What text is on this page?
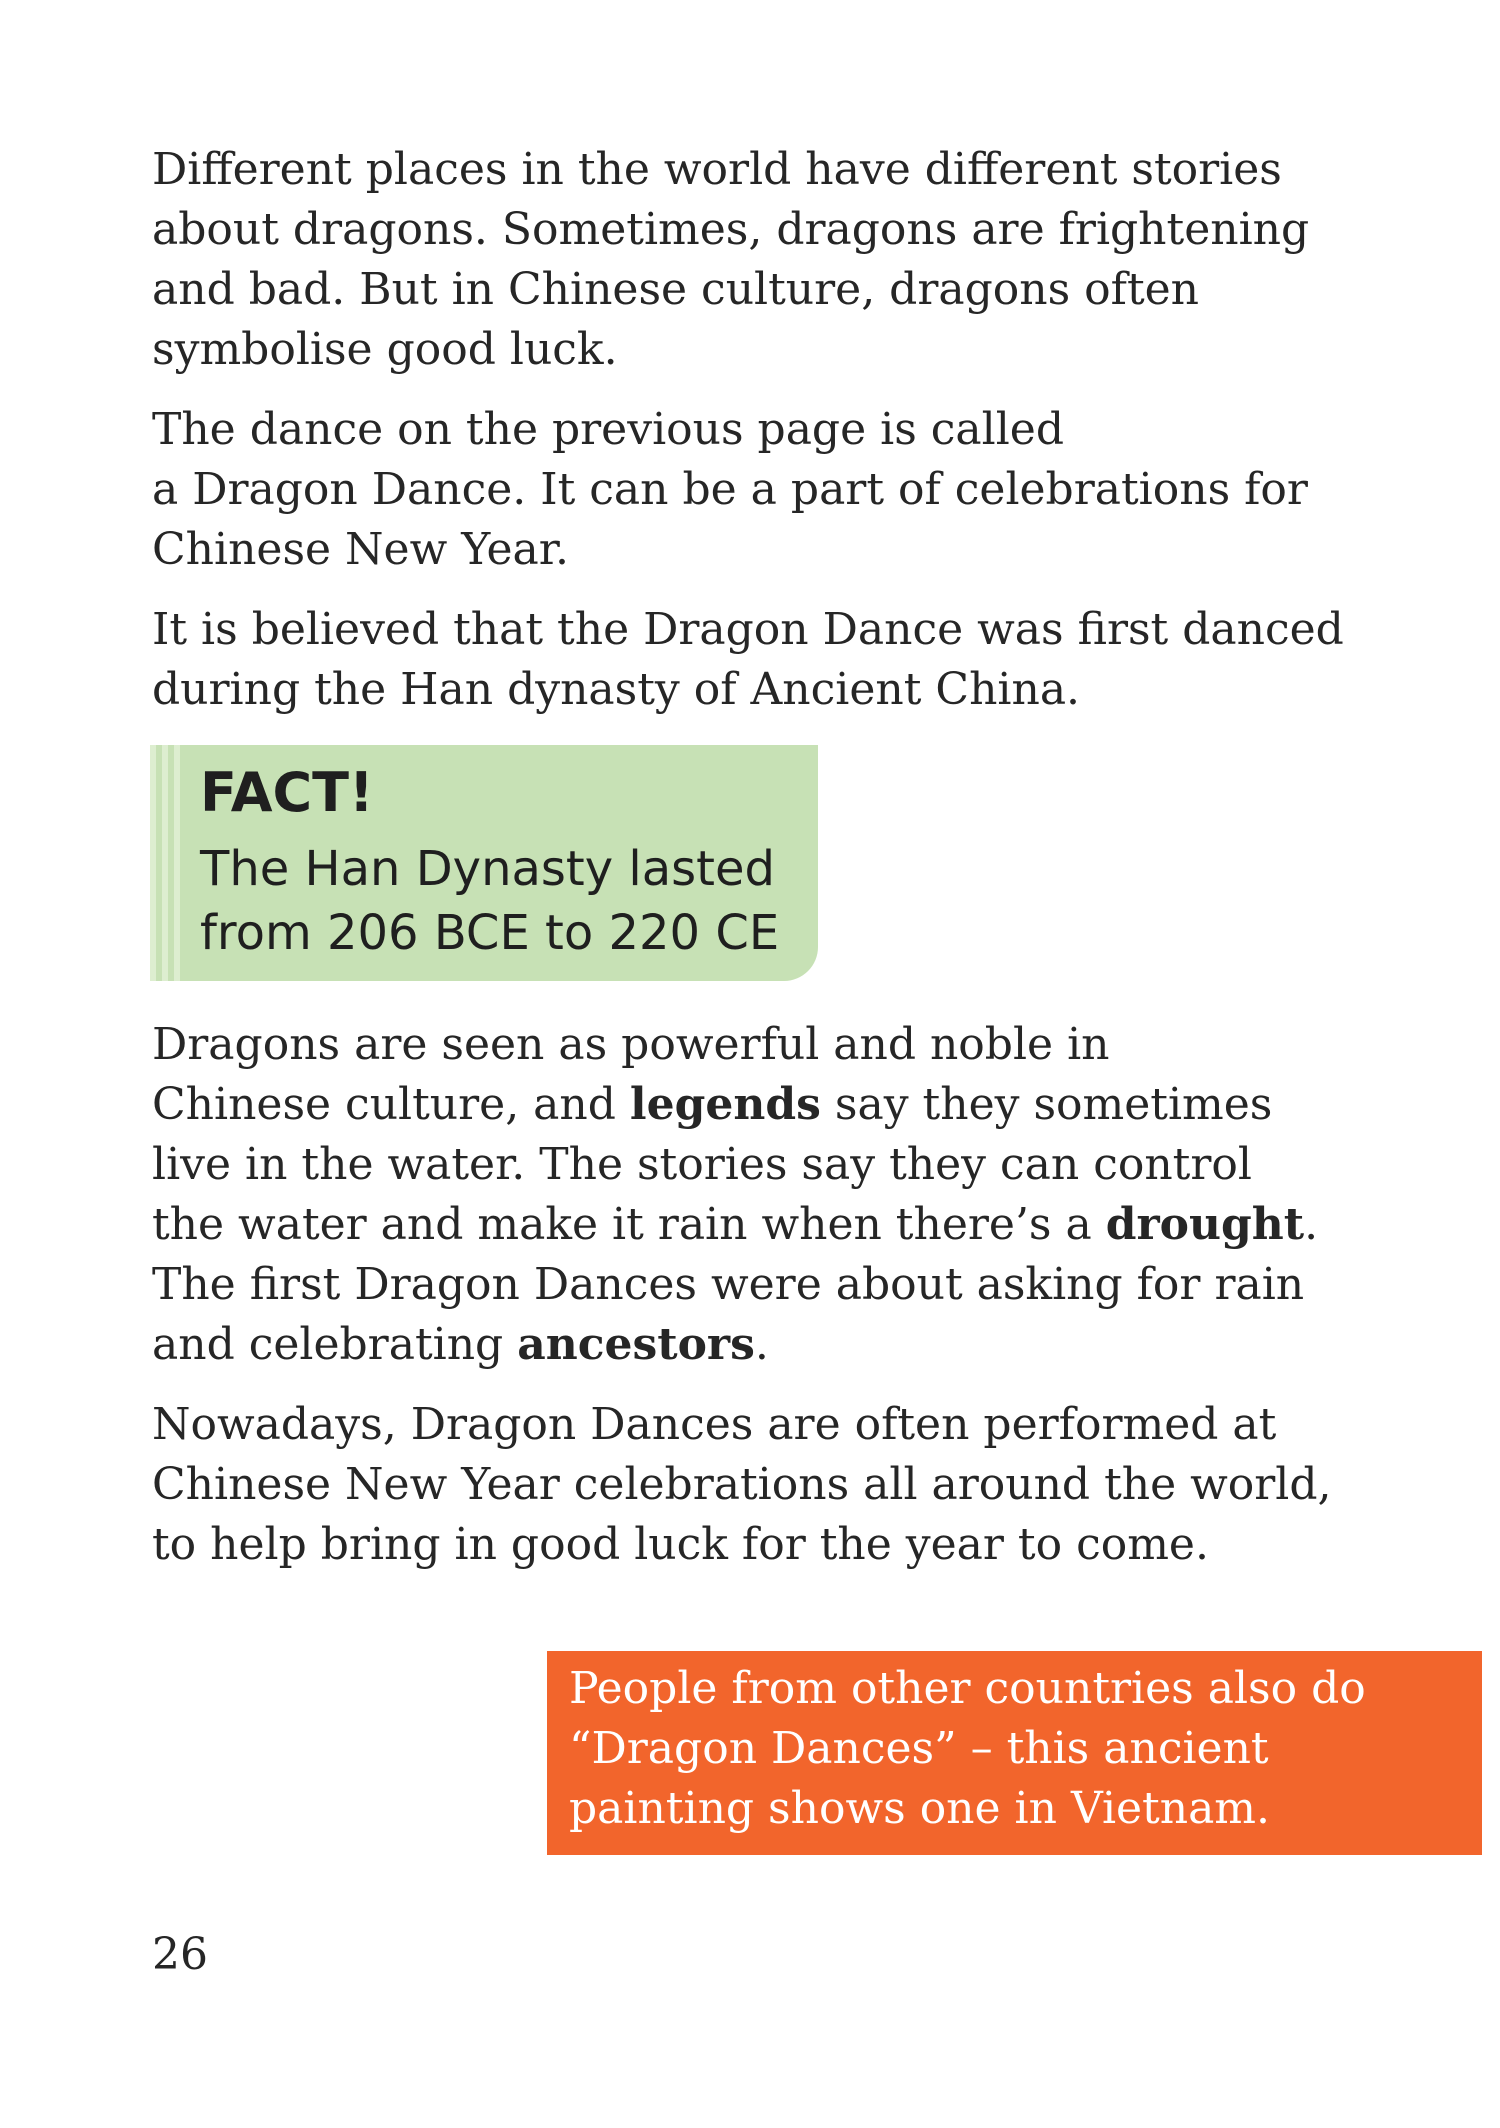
Different places in the world have different stories
about dragons. Sometimes, dragons are frightening
and bad. But in Chinese culture, dragons often
symbolise good luck.
The dance on the previous page is called
a Dragon Dance. It can be a part of celebrations for
Chinese New Year.
It is believed that the Dragon Dance was first danced
during the Han dynasty of Ancient China.

FACT!

The Han Dynasty lasted
from 206 BCE to 220 CE

Dragons are seen as powerful and noble in
Chinese culture, and legends say they sometimes
live in the water. The stories say they can control
the water and make it rain when there’s a drought.
The first Dragon Dances were about asking for rain
and celebrating ancestors.
Nowadays, Dragon Dances are often performed at
Chinese New Year celebrations all around the world,
to help bring in good luck for the year to come.

People from other countries also do
“Dragon Dances” – this ancient
painting shows one in Vietnam.

26
